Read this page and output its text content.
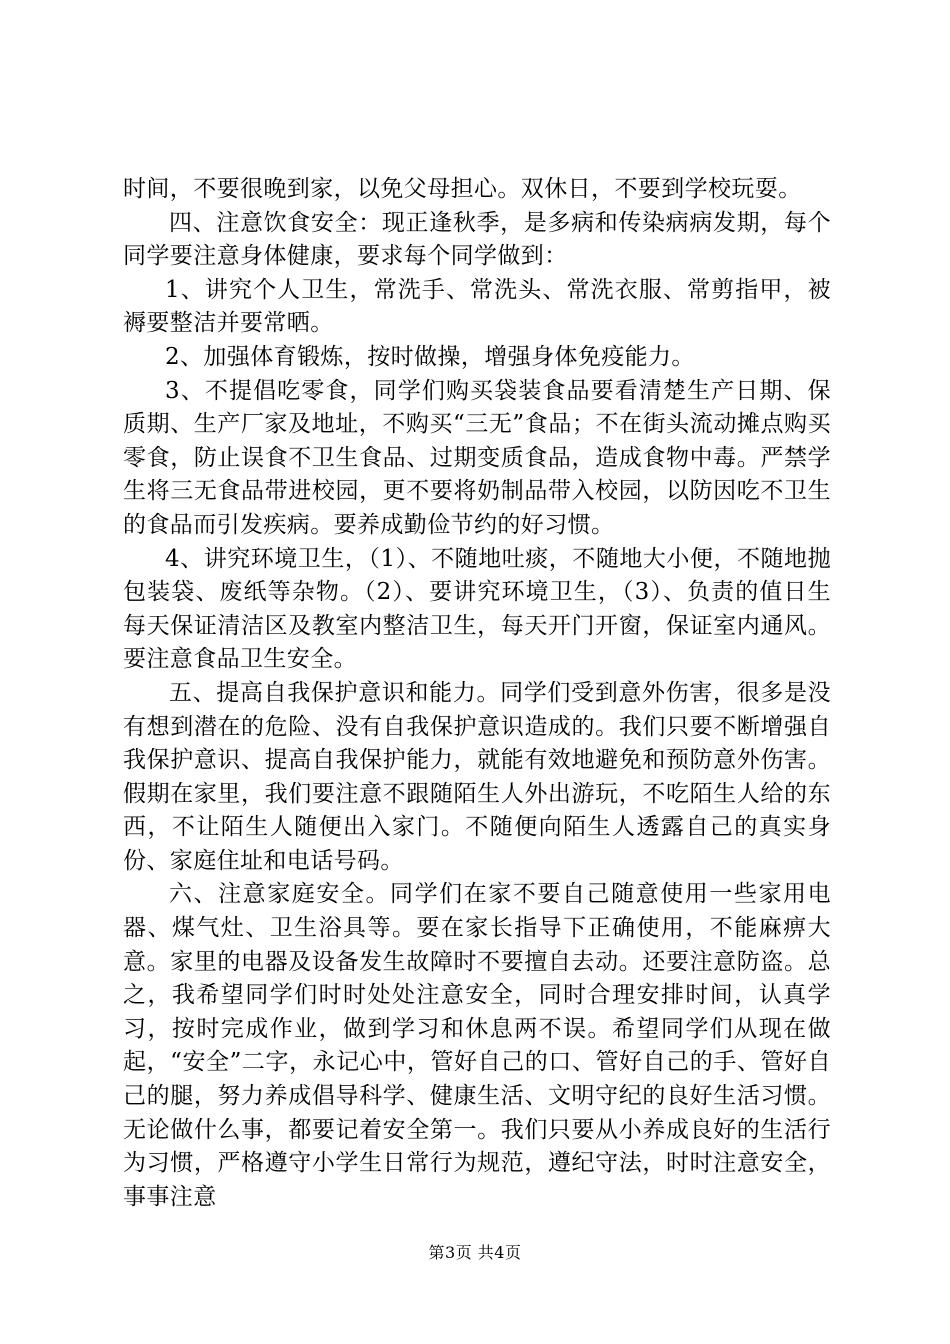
时间，不要很晚到家，以免父母担心。双休日，不要到学校玩耍。

四、注意饮食安全：现正逢秋季，是多病和传染病病发期，每个同学要注意身体健康，要求每个同学做到：

1、讲究个人卫生，常洗手、常洗头、常洗衣服、常剪指甲，被褥要整洁并要常晒。

2、加强体育锻炼，按时做操，增强身体免疫能力。

3、不提倡吃零食，同学们购买袋装食品要看清楚生产日期、保质期、生产厂家及地址，不购买“三无”食品；不在街头流动摊点购买零食，防止误食不卫生食品、过期变质食品，造成食物中毒。严禁学生将三无食品带进校园，更不要将奶制品带入校园，以防因吃不卫生的食品而引发疾病。要养成勤俭节约的好习惯。

4、讲究环境卫生，（1）、不随地吐痰，不随地大小便，不随地抛包装袋、废纸等杂物。（2）、要讲究环境卫生，（3）、负责的值日生每天保证清洁区及教室内整洁卫生，每天开门开窗，保证室内通风。要注意食品卫生安全。

五、提高自我保护意识和能力。同学们受到意外伤害，很多是没有想到潜在的危险、没有自我保护意识造成的。我们只要不断增强自我保护意识、提高自我保护能力，就能有效地避免和预防意外伤害。假期在家里，我们要注意不跟随陌生人外出游玩，不吃陌生人给的东西，不让陌生人随便出入家门。不随便向陌生人透露自己的真实身份、家庭住址和电话号码。

六、注意家庭安全。同学们在家不要自己随意使用一些家用电器、煤气灶、卫生浴具等。要在家长指导下正确使用，不能麻痹大意。家里的电器及设备发生故障时不要擅自去动。还要注意防盗。总之，我希望同学们时时处处注意安全，同时合理安排时间，认真学习，按时完成作业，做到学习和休息两不误。希望同学们从现在做起，“安全”二字，永记心中，管好自己的口、管好自己的手、管好自己的腿，努力养成倡导科学、健康生活、文明守纪的良好生活习惯。无论做什么事，都要记着安全第一。我们只要从小养成良好的生活行为习惯，严格遵守小学生日常行为规范，遵纪守法，时时注意安全，事事注意

第3页 共4页
